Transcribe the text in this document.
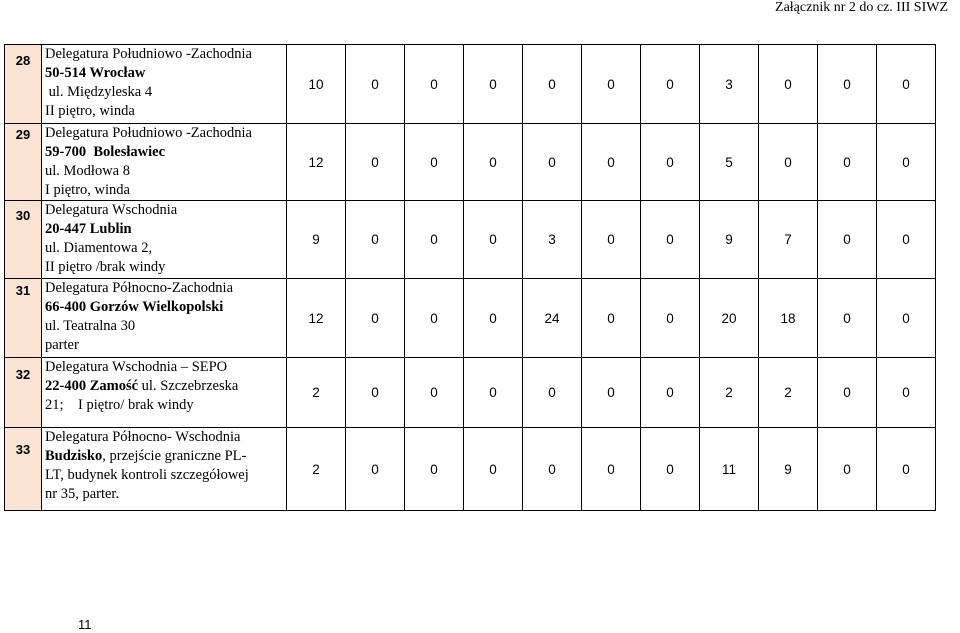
Załącznik nr 2 do cz. III SIWZ
28	Delegatura Południowo -Zachodnia
50-514 Wrocław
ul. Międzyleska 4
II piętro, winda	10	0	0	0	0	0	0	3	0	0	0

29	Delegatura Południowo -Zachodnia
59-700  Bolesławiec
ul. Modłowa 8
I piętro, winda	12	0	0	0	0	0	0	5	0	0	0

30	Delegatura Wschodnia
20-447 Lublin
ul. Diamentowa 2,
II piętro /brak windy	9	0	0	0	3	0	0	9	7	0	0

31	Delegatura Północno-Zachodnia
66-400 Gorzów Wielkopolski
ul. Teatralna 30
parter	12	0	0	0	24	0	0	20	18	0	0

32	Delegatura Wschodnia – SEPO
22-400 Zamość ul. Szczebrzeska
21;    I piętro/ brak windy	2	0	0	0	0	0	0	2	2	0	0

33	Delegatura Północno- Wschodnia
Budzisko, przejście graniczne PL-
LT, budynek kontroli szczegółowej
nr 35, parter.	2	0	0	0	0	0	0	11	9	0	0
11
